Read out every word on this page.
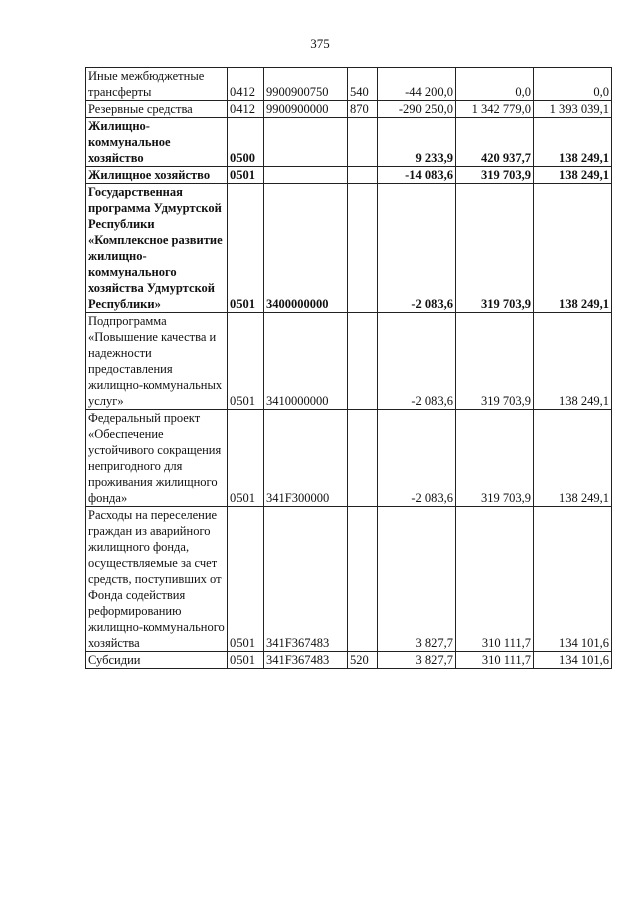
375
Иные межбюджетные трансферты	0412	9900900750	540	-44 200,0	0,0	0,0
Резервные средства	0412	9900900000	870	-290 250,0	1 342 779,0	1 393 039,1
Жилищно-коммунальное хозяйство	0500			9 233,9	420 937,7	138 249,1
Жилищное хозяйство	0501			-14 083,6	319 703,9	138 249,1
Государственная программа Удмуртской Республики «Комплексное развитие жилищно-коммунального хозяйства Удмуртской Республики»	0501	3400000000		-2 083,6	319 703,9	138 249,1
Подпрограмма «Повышение качества и надежности предоставления жилищно-коммунальных услуг»	0501	3410000000		-2 083,6	319 703,9	138 249,1
Федеральный проект «Обеспечение устойчивого сокращения непригодного для проживания жилищного фонда»	0501	341F300000		-2 083,6	319 703,9	138 249,1
Расходы на переселение граждан из аварийного жилищного фонда, осуществляемые за счет средств, поступивших от Фонда содействия реформированию жилищно-коммунального хозяйства	0501	341F367483		3 827,7	310 111,7	134 101,6
Субсидии	0501	341F367483	520	3 827,7	310 111,7	134 101,6
